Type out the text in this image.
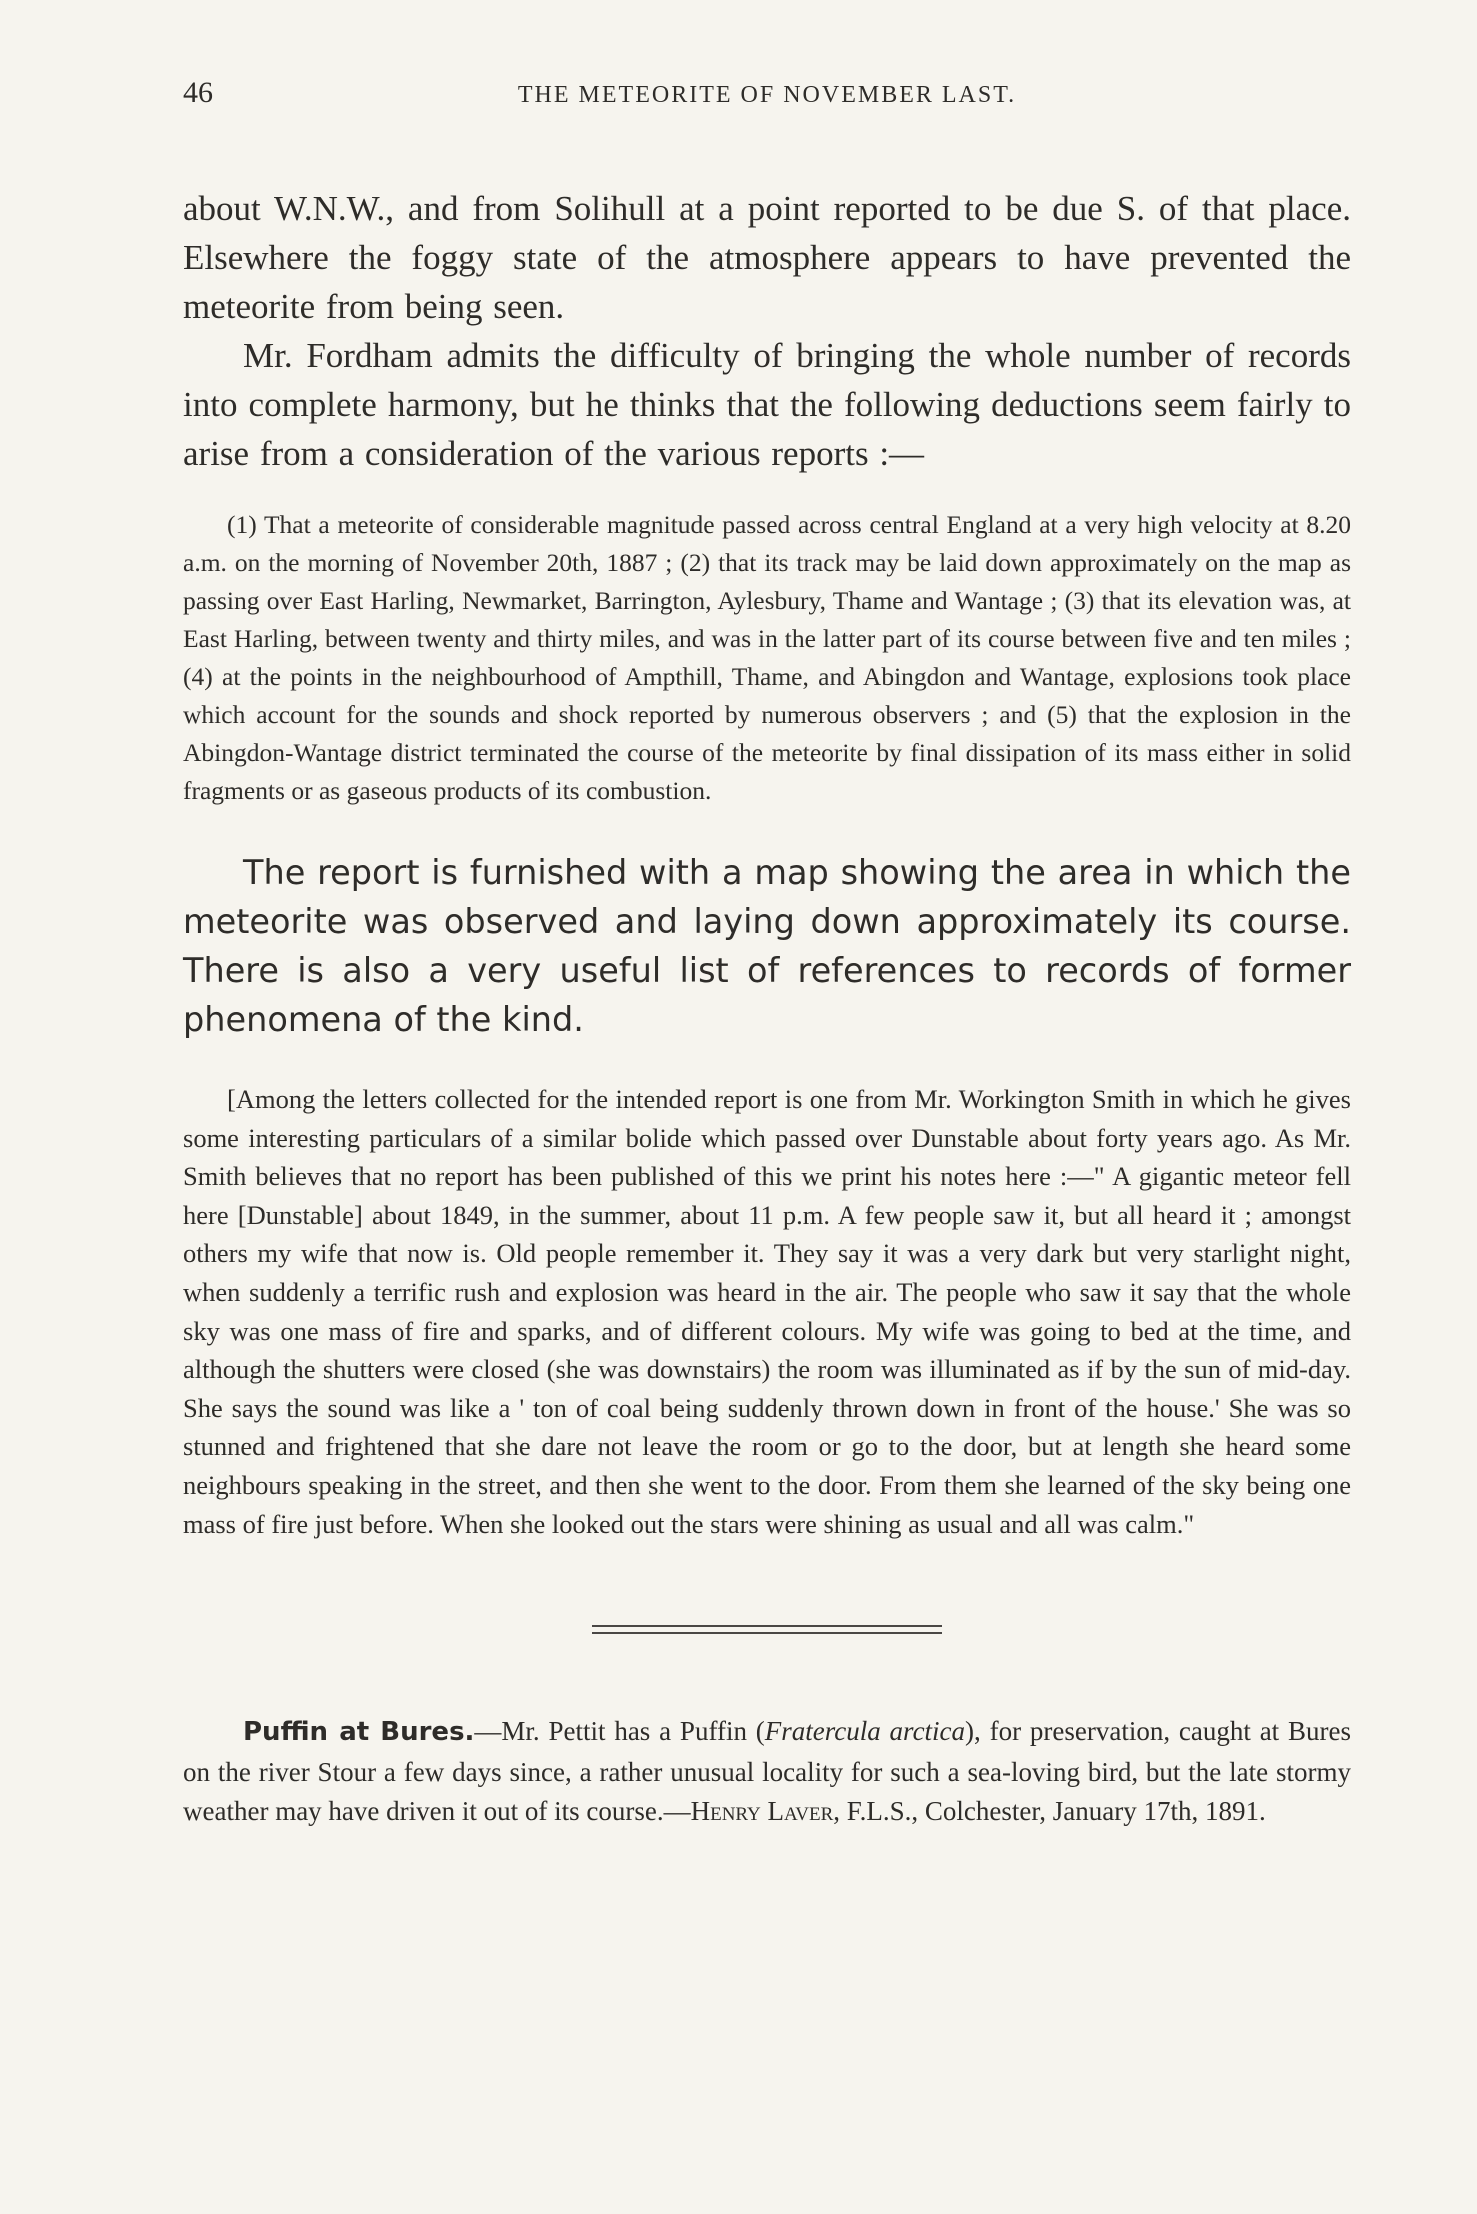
46	THE METEORITE OF NOVEMBER LAST.

about W.N.W., and from Solihull at a point reported to be due S. of that place. Elsewhere the foggy state of the atmosphere appears to have prevented the meteorite from being seen.

Mr. Fordham admits the difficulty of bringing the whole number of records into complete harmony, but he thinks that the following deductions seem fairly to arise from a consideration of the various reports :—

(1) That a meteorite of considerable magnitude passed across central England at a very high velocity at 8.20 a.m. on the morning of November 20th, 1887 ; (2) that its track may be laid down approximately on the map as passing over East Harling, Newmarket, Barrington, Aylesbury, Thame and Wantage ; (3) that its elevation was, at East Harling, between twenty and thirty miles, and was in the latter part of its course between five and ten miles ; (4) at the points in the neighbourhood of Ampthill, Thame, and Abingdon and Wantage, explosions took place which account for the sounds and shock reported by numerous observers ; and (5) that the explosion in the Abingdon-Wantage district terminated the course of the meteorite by final dissipation of its mass either in solid fragments or as gaseous products of its combustion.

The report is furnished with a map showing the area in which the meteorite was observed and laying down approximately its course. There is also a very useful list of references to records of former phenomena of the kind.

[Among the letters collected for the intended report is one from Mr. Workington Smith in which he gives some interesting particulars of a similar bolide which passed over Dunstable about forty years ago. As Mr. Smith believes that no report has been published of this we print his notes here :—" A gigantic meteor fell here [Dunstable] about 1849, in the summer, about 11 p.m. A few people saw it, but all heard it ; amongst others my wife that now is. Old people remember it. They say it was a very dark but very starlight night, when suddenly a terrific rush and explosion was heard in the air. The people who saw it say that the whole sky was one mass of fire and sparks, and of different colours. My wife was going to bed at the time, and although the shutters were closed (she was downstairs) the room was illuminated as if by the sun of mid-day. She says the sound was like a ' ton of coal being suddenly thrown down in front of the house.' She was so stunned and frightened that she dare not leave the room or go to the door, but at length she heard some neighbours speaking in the street, and then she went to the door. From them she learned of the sky being one mass of fire just before. When she looked out the stars were shining as usual and all was calm."

Puffin at Bures.—Mr. Pettit has a Puffin (Fratercula arctica), for preservation, caught at Bures on the river Stour a few days since, a rather unusual locality for such a sea-loving bird, but the late stormy weather may have driven it out of its course.—Henry Laver, F.L.S., Colchester, January 17th, 1891.
